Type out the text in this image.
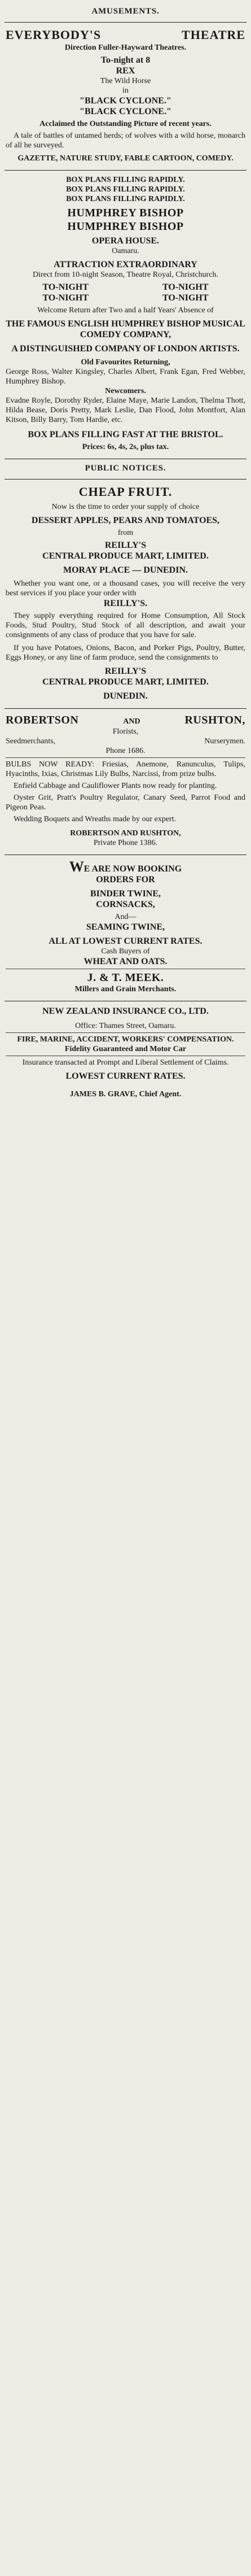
AMUSEMENTS.
EVERYBODY'S	THEATRE
Direction Fuller-Hayward Theatres.
To-night at 8
REX
The Wild Horse
in
"BLACK CYCLONE."
"BLACK CYCLONE."
Acclaimed the Outstanding Picture of recent years.
A tale of battles of untamed herds; of wolves with a wild horse, monarch of all he surveyed.
GAZETTE, NATURE STUDY, FABLE CARTOON, COMEDY.
BOX PLANS FILLING RAPIDLY.
BOX PLANS FILLING RAPIDLY.
BOX PLANS FILLING RAPIDLY.
HUMPHREY BISHOP
HUMPHREY BISHOP
OPERA HOUSE.
Oamaru.
ATTRACTION EXTRAORDINARY
Direct from 10-night Season, Theatre Royal, Christchurch.
TO-NIGHT	TO-NIGHT
TO-NIGHT	TO-NIGHT
Welcome Return after Two and a half Years' Absence of
THE FAMOUS ENGLISH HUMPHREY BISHOP MUSICAL COMEDY COMPANY,
A DISTINGUISHED COMPANY OF LONDON ARTISTS.
Old Favourites Returning,
George Ross, Walter Kingsley, Charles Albert, Frank Egan, Fred Webber, Humphrey Bishop.
Newcomers.
Evadne Royle, Dorothy Ryder, Elaine Maye, Marie Landon, Thelma Thott, Hilda Bease, Doris Pretty, Mark Leslie, Dan Flood, John Montfort, Alan Kitson, Billy Barry, Tom Hardie, etc.
BOX PLANS FILLING FAST AT THE BRISTOL.
Prices: 6s, 4s, 2s, plus tax.
PUBLIC NOTICES.
CHEAP FRUIT.
Now is the time to order your supply of choice
DESSERT APPLES, PEARS AND TOMATOES,
from
REILLY'S
CENTRAL PRODUCE MART, LIMITED.
MORAY PLACE — DUNEDIN.
Whether you want one, or a thousand cases, you will receive the very best services if you place your order with
REILLY'S.
They supply everything required for Home Consumption, All Stock Foods, Stud Poultry, Stud Stock of all description, and await your consignments of any class of produce that you have for sale.
If you have Potatoes, Onions, Bacon, and Porker Pigs, Poultry, Butter, Eggs Honey, or any line of farm produce, send the consignments to
REILLY'S
CENTRAL PRODUCE MART, LIMITED.
DUNEDIN.
ROBERTSON	AND	RUSHTON,
Florists,
Seedmerchants,	Nurserymen.
Phone 1686.
BULBS NOW READY: Friesias, Anemone, Ranunculus, Tulips, Hyacinths, Ixias, Christmas Lily Bulbs, Narcissi, from prize bulbs.
Enfield Cabbage and Cauliflower Plants now ready for planting.
Oyster Grit, Pratt's Poultry Regulator, Canary Seed, Parrot Food and Pigeon Peas.
Wedding Boquets and Wreaths made by our expert.
ROBERTSON AND RUSHTON,
Private Phone 1386.
WE ARE NOW BOOKING
ORDERS FOR
BINDER TWINE,
CORNSACKS,
And—
SEAMING TWINE,
ALL AT LOWEST CURRENT RATES.
Cash Buyers of
WHEAT AND OATS.
J. & T. MEEK.
Millers and Grain Merchants.
NEW ZEALAND INSURANCE CO., LTD.
Office: Thames Street, Oamaru.
FIRE, MARINE, ACCIDENT, WORKERS' COMPENSATION. Fidelity Guaranteed and Motor Car
Insurance transacted at Prompt and Liberal Settlement of Claims.
LOWEST CURRENT RATES.
JAMES B. GRAVE, Chief Agent.
